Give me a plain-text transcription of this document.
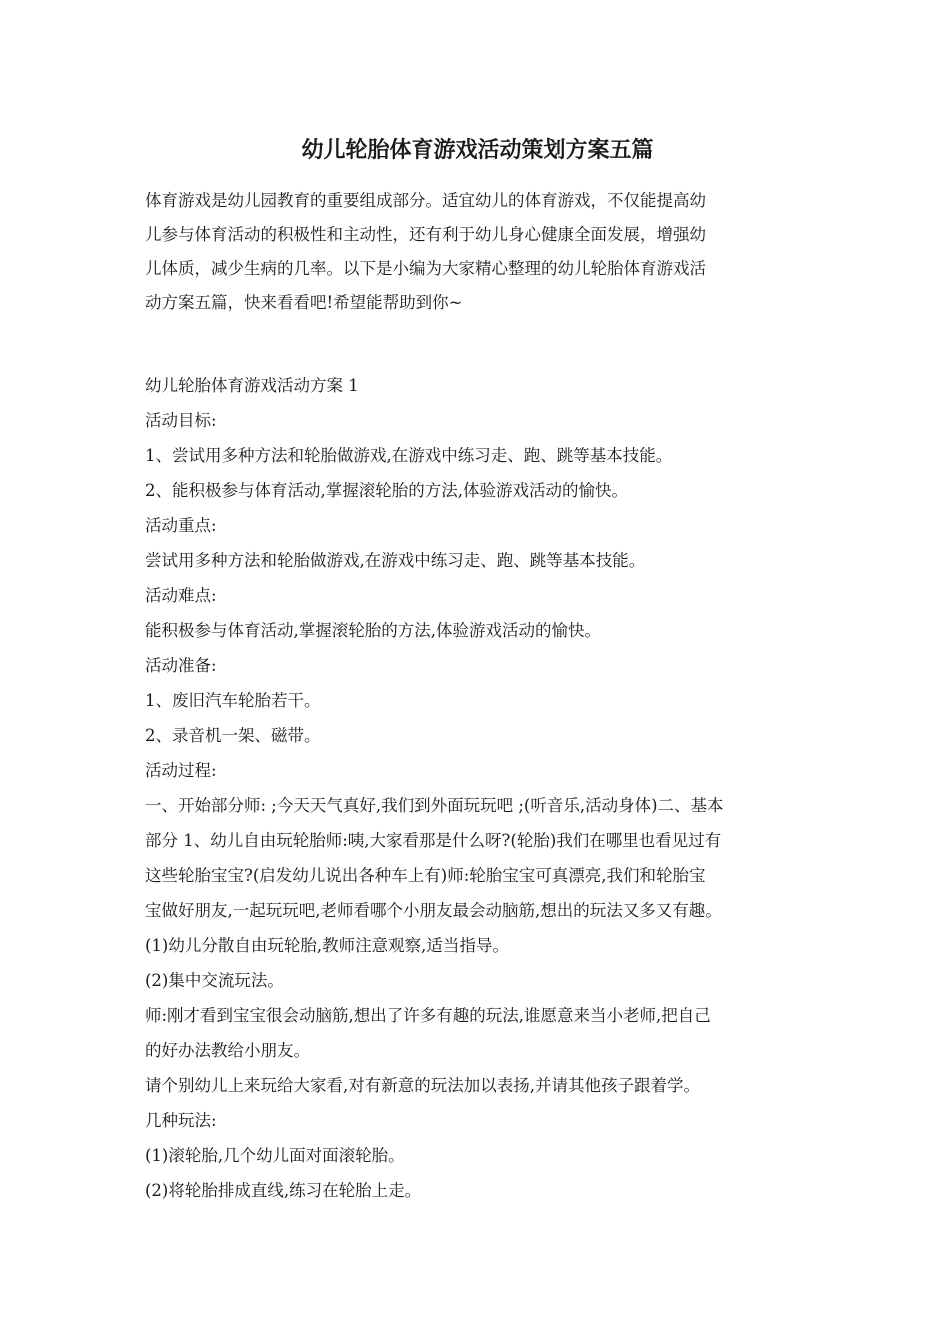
幼儿轮胎体育游戏活动策划方案五篇

体育游戏是幼儿园教育的重要组成部分。适宜幼儿的体育游戏，不仅能提高幼
儿参与体育活动的积极性和主动性，还有利于幼儿身心健康全面发展，增强幼
儿体质，减少生病的几率。以下是小编为大家精心整理的幼儿轮胎体育游戏活
动方案五篇，快来看看吧!希望能帮助到你~

幼儿轮胎体育游戏活动方案 1
活动目标:
1、尝试用多种方法和轮胎做游戏,在游戏中练习走、跑、跳等基本技能。
2、能积极参与体育活动,掌握滚轮胎的方法,体验游戏活动的愉快。
活动重点:
尝试用多种方法和轮胎做游戏,在游戏中练习走、跑、跳等基本技能。
活动难点:
能积极参与体育活动,掌握滚轮胎的方法,体验游戏活动的愉快。
活动准备:
1、废旧汽车轮胎若干。
2、录音机一架、磁带。
活动过程:
一、开始部分师: ;今天天气真好,我们到外面玩玩吧 ;(听音乐,活动身体)二、基本
部分 1、幼儿自由玩轮胎师:咦,大家看那是什么呀?(轮胎)我们在哪里也看见过有
这些轮胎宝宝?(启发幼儿说出各种车上有)师:轮胎宝宝可真漂亮,我们和轮胎宝
宝做好朋友,一起玩玩吧,老师看哪个小朋友最会动脑筋,想出的玩法又多又有趣。
(1)幼儿分散自由玩轮胎,教师注意观察,适当指导。
(2)集中交流玩法。
师:刚才看到宝宝很会动脑筋,想出了许多有趣的玩法,谁愿意来当小老师,把自己
的好办法教给小朋友。
请个别幼儿上来玩给大家看,对有新意的玩法加以表扬,并请其他孩子跟着学。
几种玩法:
(1)滚轮胎,几个幼儿面对面滚轮胎。
(2)将轮胎排成直线,练习在轮胎上走。
